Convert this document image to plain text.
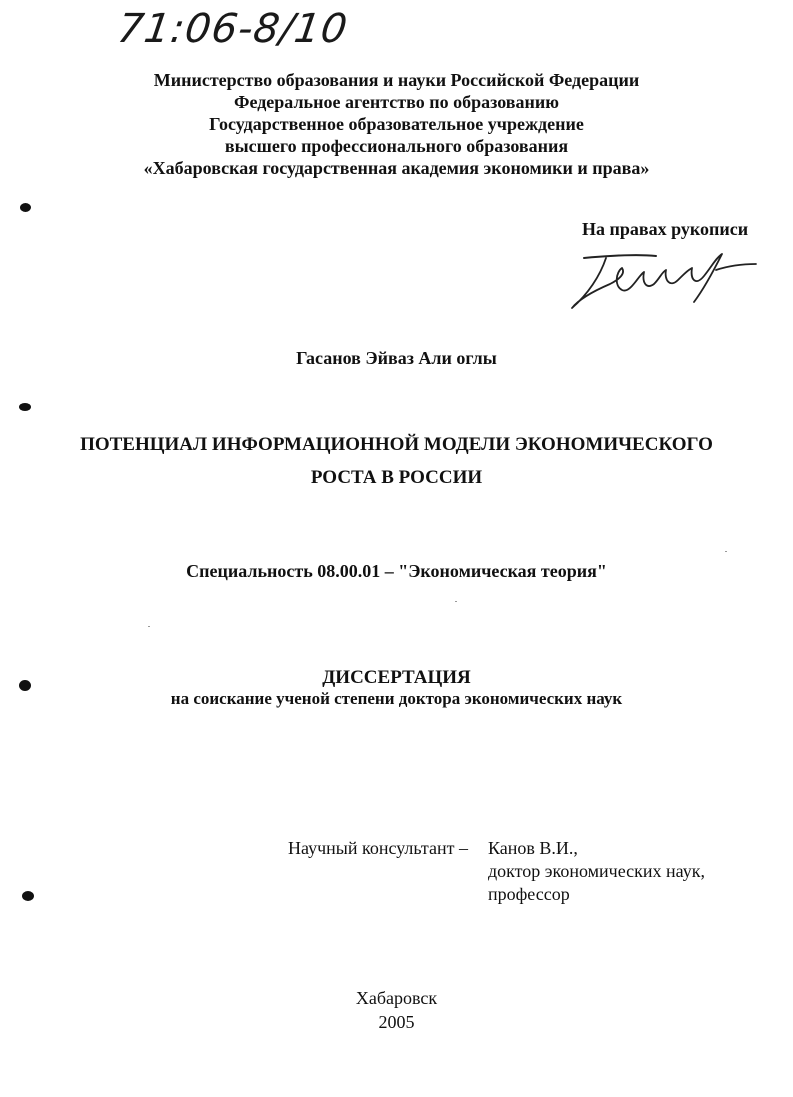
71:06-8/10
Министерство образования и науки Российской Федерации
Федеральное агентство по образованию
Государственное образовательное учреждение
высшего профессионального образования
«Хабаровская государственная академия экономики и права»
На правах рукописи
Гасанов Эйваз Али оглы
ПОТЕНЦИАЛ ИНФОРМАЦИОННОЙ МОДЕЛИ ЭКОНОМИЧЕСКОГО
РОСТА В РОССИИ
Специальность 08.00.01 – "Экономическая теория"
ДИССЕРТАЦИЯ
на соискание ученой степени доктора экономических наук
Научный консультант – Канов В.И.,
доктор экономических наук,
профессор
Хабаровск
2005
